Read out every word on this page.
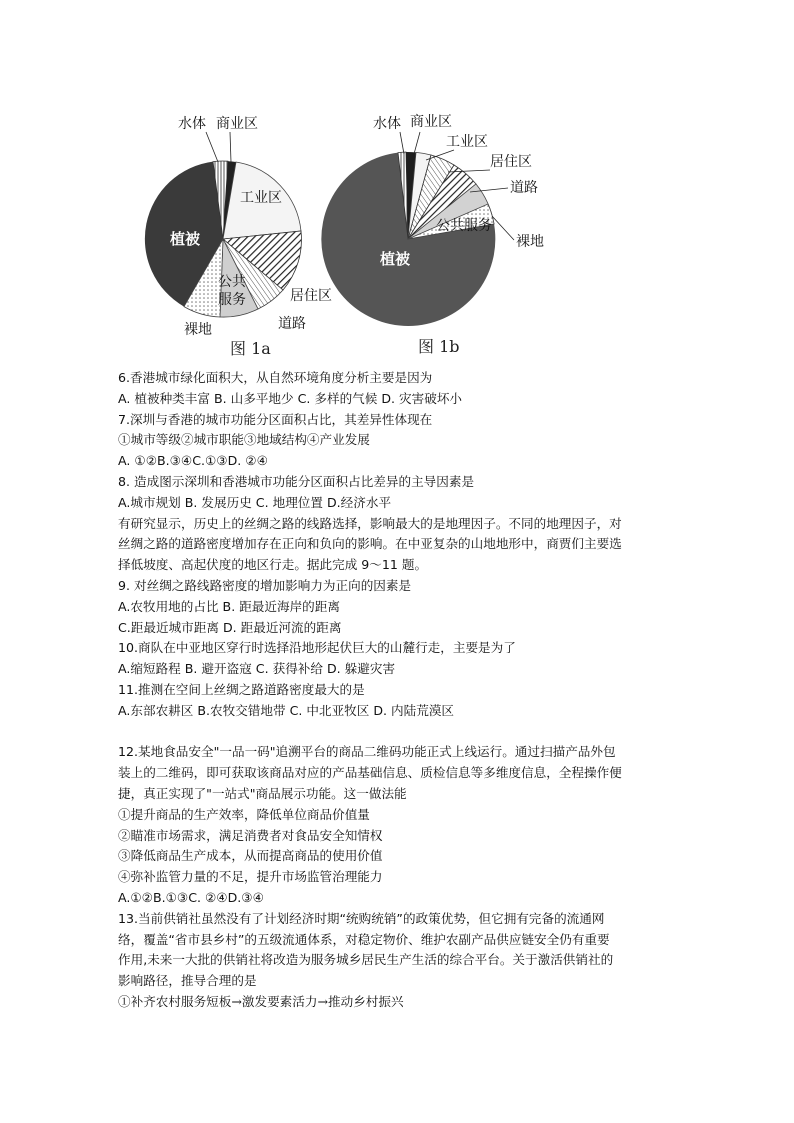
植被
工业区
公共
服务
水体 商业区
居住区
道路
裸地
图 1a
植被
水体 商业区
工业区
居住区
道路
公共服务
裸地
图 1b

6.香港城市绿化面积大，从自然环境角度分析主要是因为

A. 植被种类丰富 B. 山多平地少 C. 多样的气候 D. 灾害破坏小

7.深圳与香港的城市功能分区面积占比，其差异性体现在

①城市等级②城市职能③地域结构④产业发展

A. ①②B.③④C.①③D. ②④

8. 造成图示深圳和香港城市功能分区面积占比差异的主导因素是

A.城市规划 B. 发展历史 C. 地理位置 D.经济水平

有研究显示，历史上的丝绸之路的线路选择，影响最大的是地理因子。不同的地理因子，对

丝绸之路的道路密度增加存在正向和负向的影响。在中亚复杂的山地地形中，商贾们主要选

择低坡度、高起伏度的地区行走。据此完成 9～11 题。

9. 对丝绸之路线路密度的增加影响力为正向的因素是

A.农牧用地的占比 B. 距最近海岸的距离

C.距最近城市距离 D. 距最近河流的距离

10.商队在中亚地区穿行时选择沿地形起伏巨大的山麓行走，主要是为了

A.缩短路程 B. 避开盗寇 C. 获得补给 D. 躲避灾害

11.推测在空间上丝绸之路道路密度最大的是

A.东部农耕区 B.农牧交错地带 C. 中北亚牧区 D. 内陆荒漠区

12.某地食品安全"一品一码"追溯平台的商品二维码功能正式上线运行。通过扫描产品外包

装上的二维码，即可获取该商品对应的产品基础信息、质检信息等多维度信息，全程操作便

捷，真正实现了"一站式"商品展示功能。这一做法能

①提升商品的生产效率，降低单位商品价值量

②瞄准市场需求，满足消费者对食品安全知情权

③降低商品生产成本，从而提高商品的使用价值

④弥补监管力量的不足，提升市场监管治理能力

A.①②B.①③C. ②④D.③④

13.当前供销社虽然没有了计划经济时期“统购统销”的政策优势，但它拥有完备的流通网

络，覆盖“省市县乡村”的五级流通体系，对稳定物价、维护农副产品供应链安全仍有重要

作用,未来一大批的供销社将改造为服务城乡居民生产生活的综合平台。关于激活供销社的

影响路径，推导合理的是

①补齐农村服务短板→激发要素活力→推动乡村振兴
